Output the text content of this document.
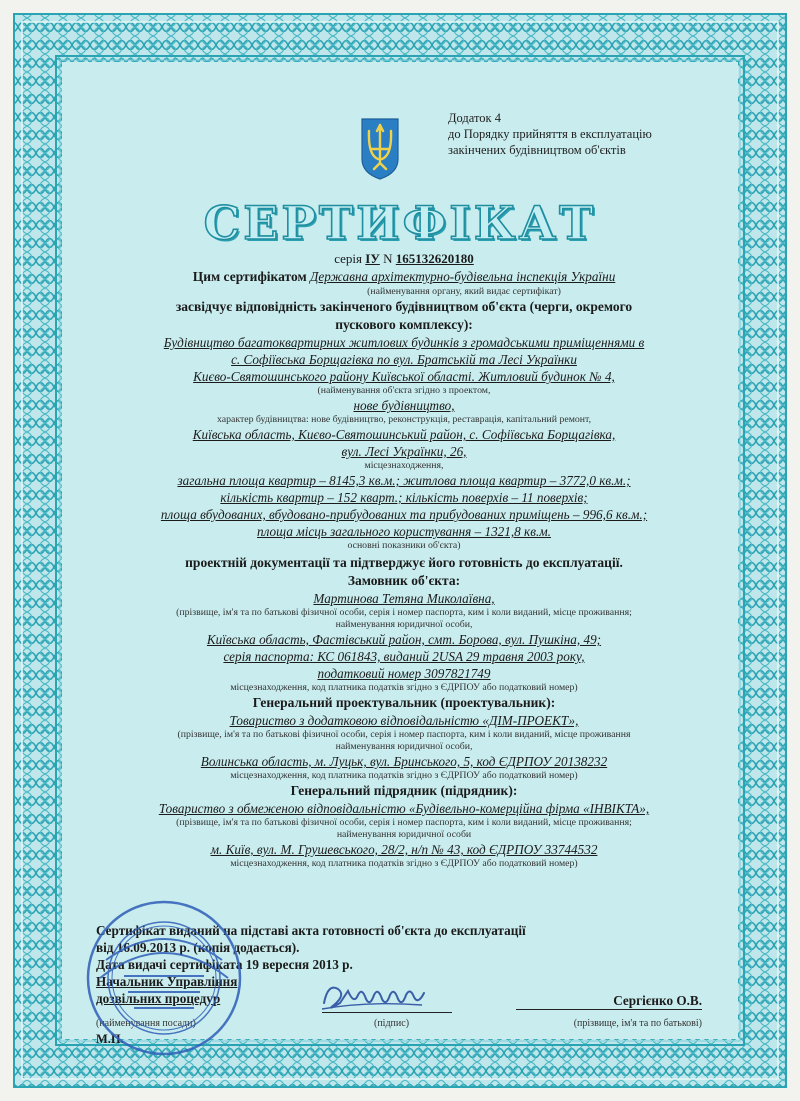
Додаток 4
до Порядку прийняття в експлуатацію
закінчених будівництвом об'єктів
СЕРТИФІКАТ
серія ІУ N 165132620180
Цим сертифікатом Державна архітектурно-будівельна інспекція України
(найменування органу, який видає сертифікат)
засвідчує відповідність закінченого будівництвом об'єкта (черги, окремого
пускового комплексу):
Будівництво багатоквартирних житлових будинків з громадськими приміщеннями в
с. Софіївська Борщагівка по вул. Братській та Лесі Українки
Києво-Святошинського району Київської області. Житловий будинок № 4,
(найменування об'єкта згідно з проектом,
нове будівництво,
характер будівництва: нове будівництво, реконструкція, реставрація, капітальний ремонт,
Київська область, Києво-Святошинський район, с. Софіївська Борщагівка,
вул. Лесі Українки, 26,
місцезнаходження,
загальна площа квартир – 8145,3 кв.м.; житлова площа квартир – 3772,0 кв.м.;
кількість квартир – 152 кварт.; кількість поверхів – 11 поверхів;
площа вбудованих, вбудовано-прибудованих та прибудованих приміщень – 996,6 кв.м.;
площа місць загального користування – 1321,8 кв.м.
основні показники об'єкта)
проектній документації та підтверджує його готовність до експлуатації.
Замовник об'єкта:
Мартинова Тетяна Миколаївна,
(прізвище, ім'я та по батькові фізичної особи, серія і номер паспорта, ким і коли виданий, місце проживання;
найменування юридичної особи,
Київська область, Фастівський район, смт. Борова, вул. Пушкіна, 49;
серія паспорта: КС 061843, виданий 2USA 29 травня 2003 року,
податковий номер 3097821749
місцезнаходження, код платника податків згідно з ЄДРПОУ або податковий номер)
Генеральний проектувальник (проектувальник):
Товариство з додатковою відповідальністю «ДІМ-ПРОЕКТ»,
(прізвище, ім'я та по батькові фізичної особи, серія і номер паспорта, ким і коли виданий, місце проживання
найменування юридичної особи,
Волинська область, м. Луцьк, вул. Бринського, 5, код ЄДРПОУ 20138232
місцезнаходження, код платника податків згідно з ЄДРПОУ або податковий номер)
Генеральний підрядник (підрядник):
Товариство з обмеженою відповідальністю «Будівельно-комерційна фірма «ІНВІКТА»,
(прізвище, ім'я та по батькові фізичної особи, серія і номер паспорта, ким і коли виданий, місце проживання;
найменування юридичної особи
м. Київ, вул. М. Грушевського, 28/2, н/п № 43, код ЄДРПОУ 33744532
місцезнаходження, код платника податків згідно з ЄДРПОУ або податковий номер)
Сертифікат виданий на підставі акта готовності об'єкта до експлуатації
від 16.09.2013 р. (копія додається).
Дата видачі сертифіката 19 вересня 2013 р.
Начальник Управління
дозвільних процедур
(найменування посади)	(підпис)
Сергієнко О.В.
(прізвище, ім'я та по батькові)
М.П.
